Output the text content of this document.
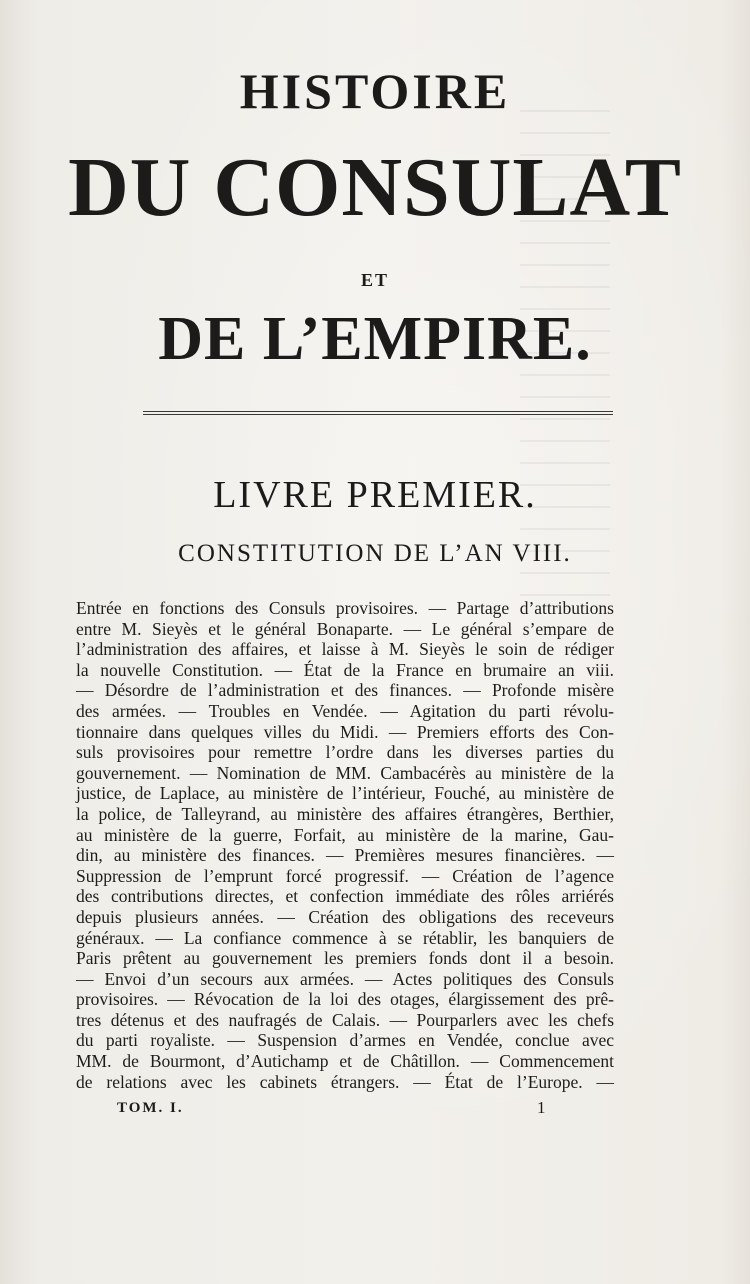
HISTOIRE
DU CONSULAT
ET
DE L’EMPIRE.
LIVRE PREMIER.
CONSTITUTION DE L’AN VIII.
Entrée en fonctions des Consuls provisoires. — Partage d’attributions
entre M. Sieyès et le général Bonaparte. — Le général s’empare de
l’administration des affaires, et laisse à M. Sieyès le soin de rédiger
la nouvelle Constitution. — État de la France en brumaire an viii.
— Désordre de l’administration et des finances. — Profonde misère
des armées. — Troubles en Vendée. — Agitation du parti révolu-
tionnaire dans quelques villes du Midi. — Premiers efforts des Con-
suls provisoires pour remettre l’ordre dans les diverses parties du
gouvernement. — Nomination de MM. Cambacérès au ministère de la
justice, de Laplace, au ministère de l’intérieur, Fouché, au ministère de
la police, de Talleyrand, au ministère des affaires étrangères, Berthier,
au ministère de la guerre, Forfait, au ministère de la marine, Gau-
din, au ministère des finances. — Premières mesures financières. —
Suppression de l’emprunt forcé progressif. — Création de l’agence
des contributions directes, et confection immédiate des rôles arriérés
depuis plusieurs années. — Création des obligations des receveurs
généraux. — La confiance commence à se rétablir, les banquiers de
Paris prêtent au gouvernement les premiers fonds dont il a besoin.
— Envoi d’un secours aux armées. — Actes politiques des Consuls
provisoires. — Révocation de la loi des otages, élargissement des prê-
tres détenus et des naufragés de Calais. — Pourparlers avec les chefs
du parti royaliste. — Suspension d’armes en Vendée, conclue avec
MM. de Bourmont, d’Autichamp et de Châtillon. — Commencement
de relations avec les cabinets étrangers. — État de l’Europe. —
TOM. I.	1
